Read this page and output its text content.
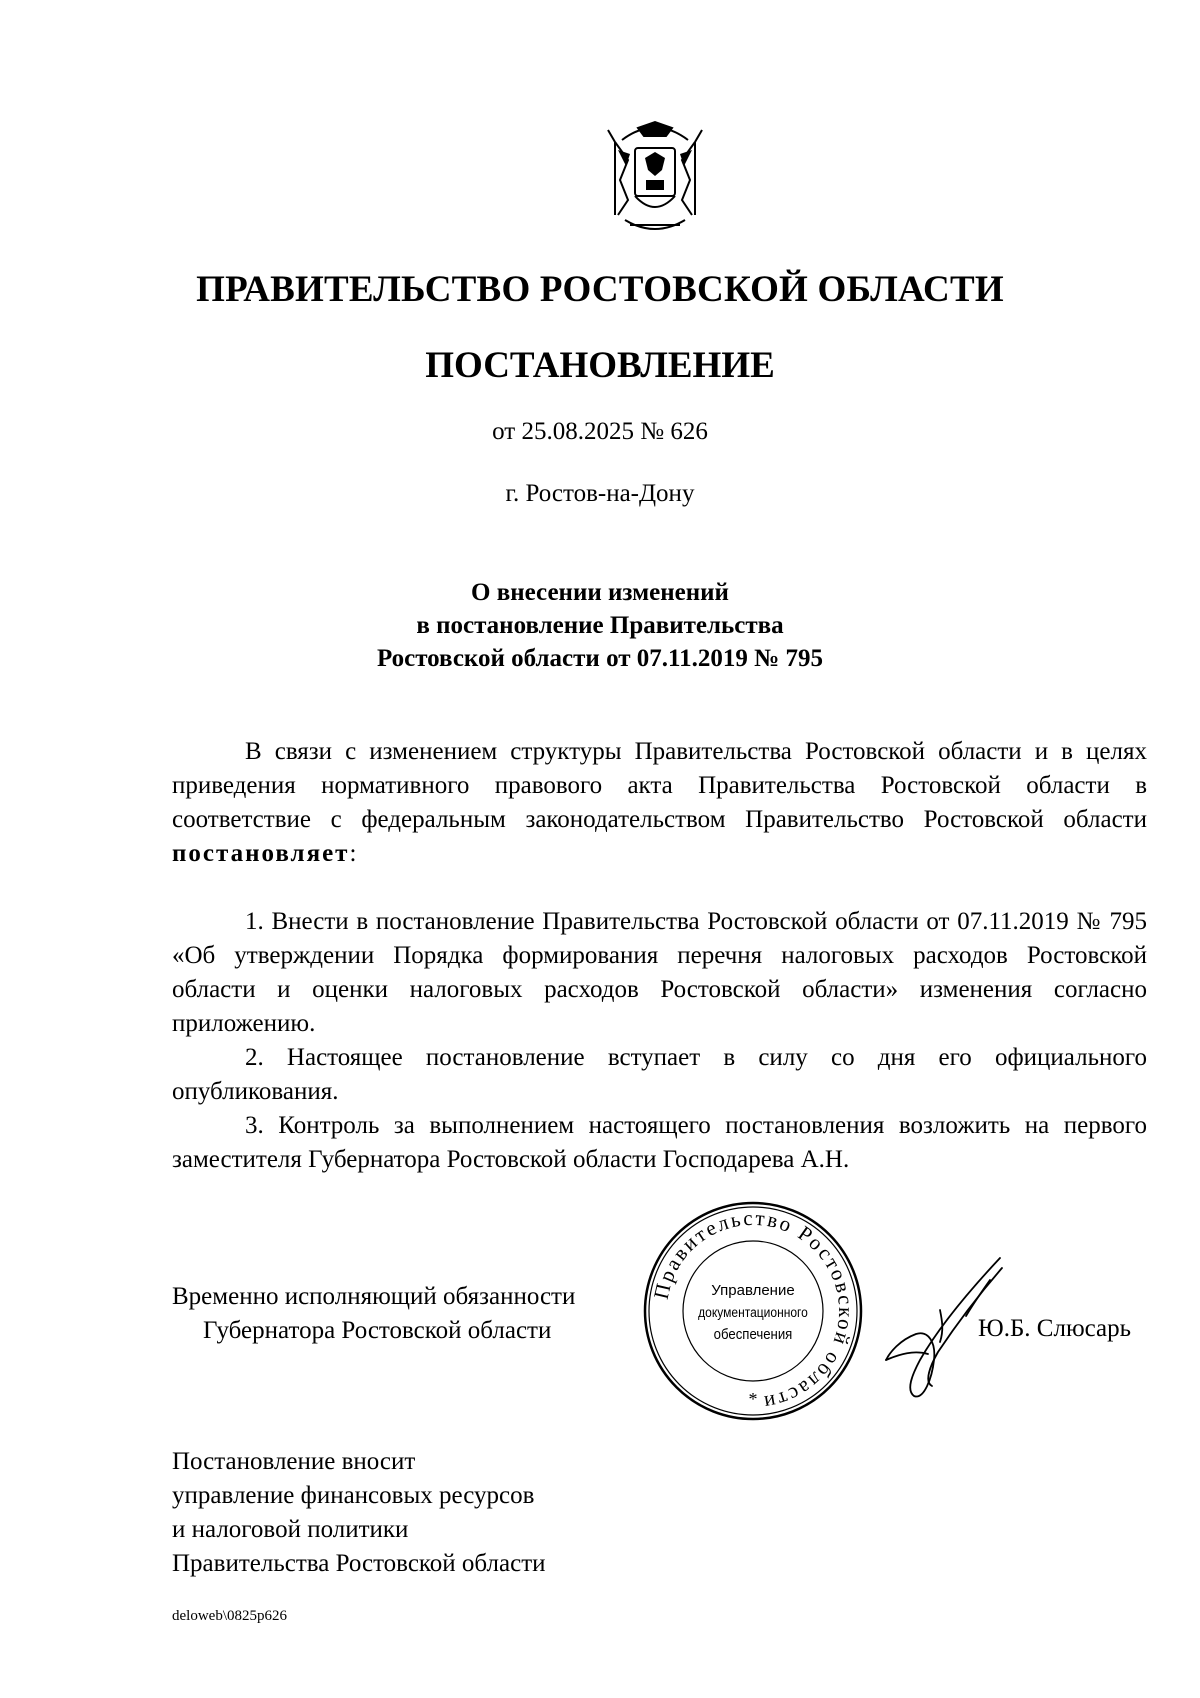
ПРАВИТЕЛЬСТВО РОСТОВСКОЙ ОБЛАСТИ
ПОСТАНОВЛЕНИЕ
от 25.08.2025 № 626
г. Ростов-на-Дону
О внесении изменений
в постановление Правительства
Ростовской области от 07.11.2019 № 795

В связи с изменением структуры Правительства Ростовской области и в целях приведения нормативного правового акта Правительства Ростовской области в соответствие с федеральным законодательством Правительство Ростовской области постановляет:

1. Внести в постановление Правительства Ростовской области от 07.11.2019 № 795 «Об утверждении Порядка формирования перечня налоговых расходов Ростовской области и оценки налоговых расходов Ростовской области» изменения согласно приложению.

2. Настоящее постановление вступает в силу со дня его официального опубликования.

3. Контроль за выполнением настоящего постановления возложить на первого заместителя Губернатора Ростовской области Господарева А.Н.

Временно исполняющий обязанности
Губернатора Ростовской области
Правительство Ростовской области
Управление
документационного
обеспечения
*
Ю.Б. Слюсарь
Постановление вносит
управление финансовых ресурсов
и налоговой политики
Правительства Ростовской области
deloweb\0825p626
